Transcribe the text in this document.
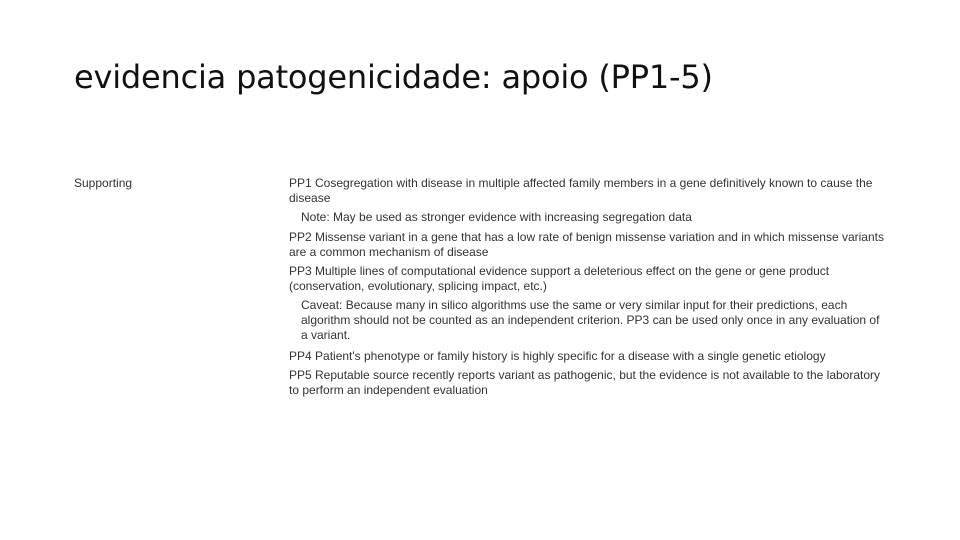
evidencia patogenicidade: apoio (PP1-5)
Supporting	PP1 Cosegregation with disease in multiple affected family members in a gene definitively known to cause the disease
Note: May be used as stronger evidence with increasing segregation data
PP2 Missense variant in a gene that has a low rate of benign missense variation and in which missense variants are a common mechanism of disease
PP3 Multiple lines of computational evidence support a deleterious effect on the gene or gene product (conservation, evolutionary, splicing impact, etc.)
Caveat: Because many in silico algorithms use the same or very similar input for their predictions, each algorithm should not be counted as an independent criterion. PP3 can be used only once in any evaluation of a variant.
PP4 Patient's phenotype or family history is highly specific for a disease with a single genetic etiology
PP5 Reputable source recently reports variant as pathogenic, but the evidence is not available to the laboratory to perform an independent evaluation
